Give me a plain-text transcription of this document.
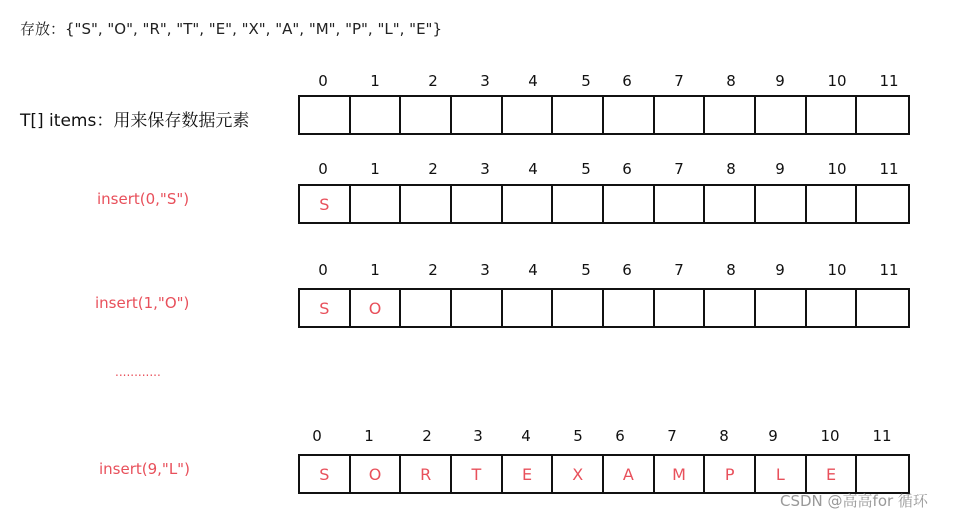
存放：{"S", "O", "R", "T", "E", "X", "A", "M", "P", "L", "E"}
T[] items：用来保存数据元素
0	1	2	3	4	5	6	7	8	9	10	11
insert(0,"S")
0	1	2	3	4	5	6	7	8	9	10	11
S
insert(1,"O")
0	1	2	3	4	5	6	7	8	9	10	11
S	O
............
insert(9,"L")
0	1	2	3	4	5	6	7	8	9	10	11
S	O	R	T	E	X	A	M	P	L	E
CSDN @高高for 循环
